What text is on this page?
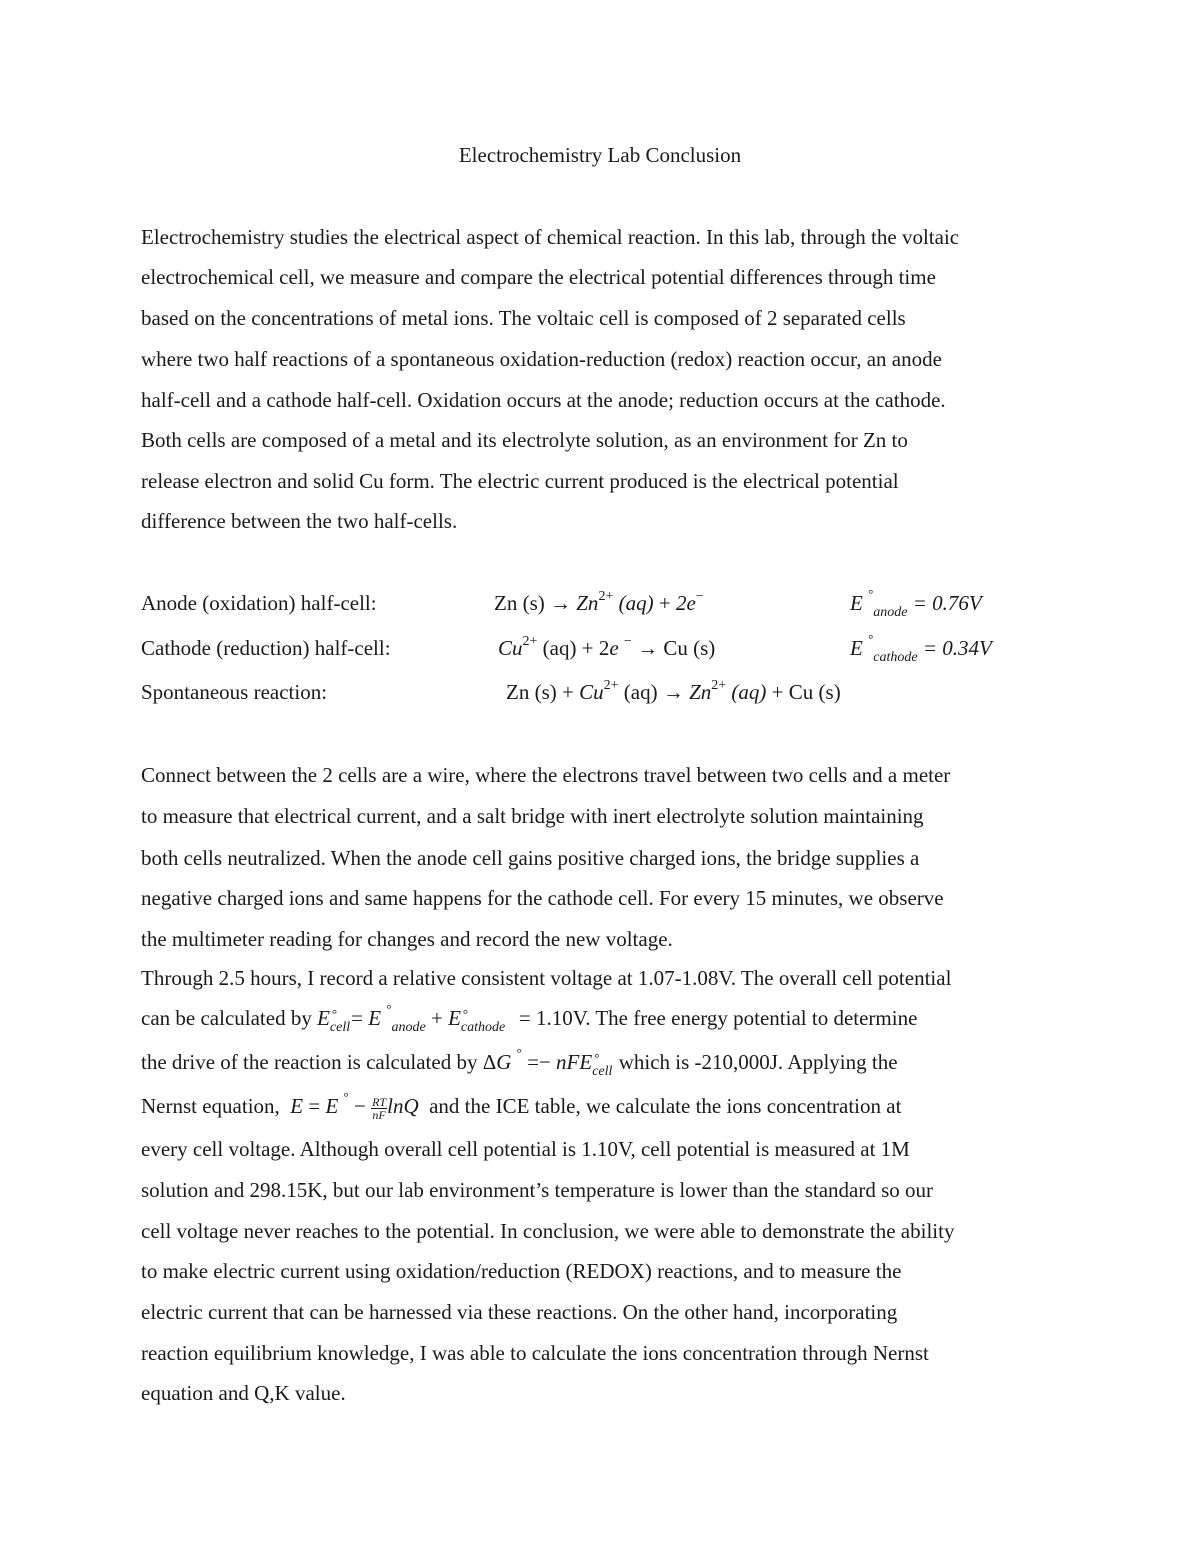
Electrochemistry Lab Conclusion
Electrochemistry studies the electrical aspect of chemical reaction. In this lab, through the voltaic
electrochemical cell, we measure and compare the electrical potential differences through time
based on the concentrations of metal ions. The voltaic cell is composed of 2 separated cells
where two half reactions of a spontaneous oxidation-reduction (redox) reaction occur, an anode
half-cell and a cathode half-cell. Oxidation occurs at the anode; reduction occurs at the cathode.
Both cells are composed of a metal and its electrolyte solution, as an environment for Zn to
release electron and solid Cu form. The electric current produced is the electrical potential
difference between the two half-cells.
Anode (oxidation) half-cell:	Zn $(s) \to Zn^{2+}$ (aq) + 2e−	E °$_{anode}$ = 0.76V
Cathode (reduction) half-cell:	$Cu^{2+}$ (aq) + 2e − → Cu (s)	E °$_{cathode}$ = 0.34V
Spontaneous reaction:	Zn $(s) + Cu^{2+}$ $(aq) \to Zn^{2+}$ (aq) + Cu (s)
Connect between the 2 cells are a wire, where the electrons travel between two cells and a meter
to measure that electrical current, and a salt bridge with inert electrolyte solution maintaining
both cells neutralized. When the anode cell gains positive charged ions, the bridge supplies a
negative charged ions and same happens for the cathode cell. For every 15 minutes, we observe
the multimeter reading for changes and record the new voltage.
Through 2.5 hours, I record a relative consistent voltage at 1.07-1.08V. The overall cell potential
can be calculated by E °
cell
= E °$_{anode}$ + E °
cathode = 1.10V. The free energy potential to determine
the drive of the reaction is calculated by ΔG ° =− nFE °
cell which is -210,000J. Applying the
Nernst equation, E = E $^\circ - \frac{RT}{nF}$ lnQ and the ICE table, we calculate the ions concentration at
every cell voltage. Although overall cell potential is 1.10V, cell potential is measured at 1M
solution and 298.15K, but our lab environment’s temperature is lower than the standard so our
cell voltage never reaches to the potential. In conclusion, we were able to demonstrate the ability
to make electric current using oxidation/reduction (REDOX) reactions, and to measure the
electric current that can be harnessed via these reactions. On the other hand, incorporating
reaction equilibrium knowledge, I was able to calculate the ions concentration through Nernst
equation and Q,K value.
